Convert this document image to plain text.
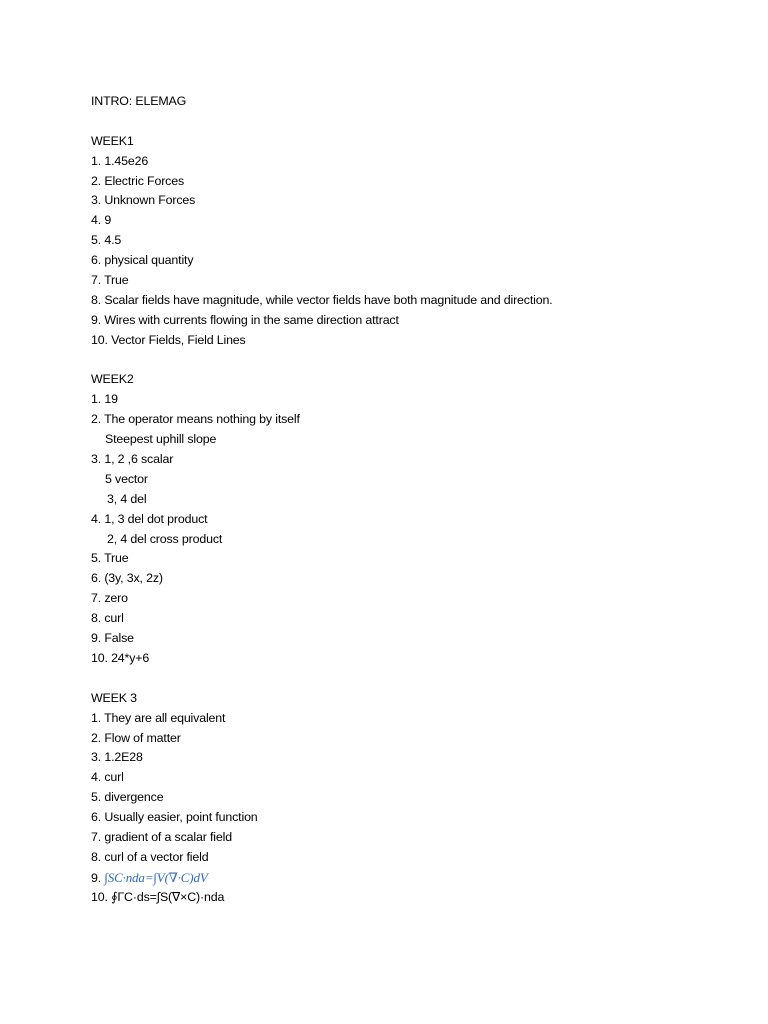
INTRO: ELEMAG
WEEK1
1. 1.45e26
2. Electric Forces
3. Unknown Forces
4. 9
5. 4.5
6. physical quantity
7. True
8. Scalar fields have magnitude, while vector fields have both magnitude and direction.
9. Wires with currents flowing in the same direction attract
10. Vector Fields, Field Lines
WEEK2
1. 19
2. The operator means nothing by itself
Steepest uphill slope
3. 1, 2 ,6 scalar
5 vector
3, 4 del
4. 1, 3 del dot product
2, 4 del cross product
5. True
6. (3y, 3x, 2z)
7. zero
8. curl
9. False
10. 24*y+6
WEEK 3
1. They are all equivalent
2. Flow of matter
3. 1.2E28
4. curl
5. divergence
6. Usually easier, point function
7. gradient of a scalar field
8. curl of a vector field
9. ∫SC·nda=∫V(∇·C)dV
10. ∮ΓC·ds=∫S(∇×C)·nda
